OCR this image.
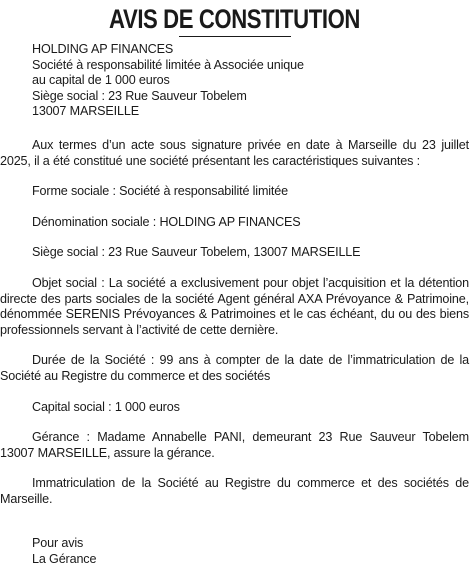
AVIS DE CONSTITUTION
HOLDING AP FINANCES
Société à responsabilité limitée à Associée unique
au capital de 1 000 euros
Siège social : 23 Rue Sauveur Tobelem
13007 MARSEILLE

Aux termes d’un acte sous signature privée en date à Marseille du 23 juillet 2025, il a été constitué une société présentant les caractéristiques suivantes :

Forme sociale : Société à responsabilité limitée
Dénomination sociale : HOLDING AP FINANCES
Siège social : 23 Rue Sauveur Tobelem, 13007 MARSEILLE

Objet social : La société a exclusivement pour objet l’acquisition et la détention directe des parts sociales de la société Agent général AXA Prévoyance & Patrimoine, dénommée SERENIS Prévoyances & Patrimoines et le cas échéant, du ou des biens professionnels servant à l’activité de cette dernière.

Durée de la Société : 99 ans à compter de la date de l’immatriculation de la Société au Registre du commerce et des sociétés

Capital social : 1 000 euros

Gérance : Madame Annabelle PANI, demeurant 23 Rue Sauveur Tobelem 13007 MARSEILLE, assure la gérance.

Immatriculation de la Société au Registre du commerce et des sociétés de Marseille.

Pour avis
La Gérance
